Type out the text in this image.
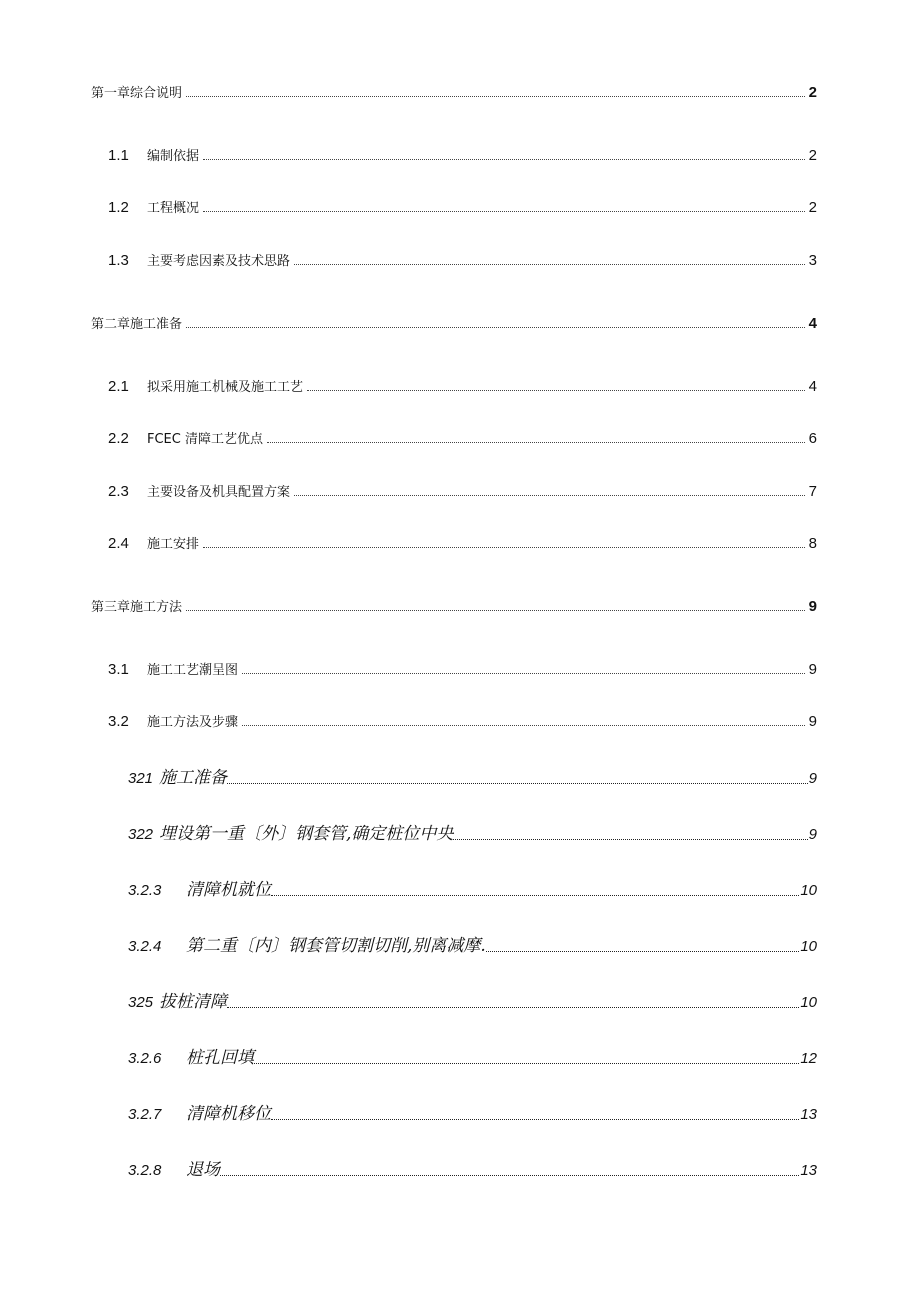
第一章综合说明	2
1.1	编制依据	2
1.2	工程概况	2
1.3	主要考虑因素及技术思路	3
第二章施工准备	4
2.1	拟采用施工机械及施工工艺	4
2.2	FCEC 清障工艺优点	6
2.3	主要设备及机具配置方案	7
2.4	施工安排	8
第三章施工方法	9
3.1	施工工艺潮呈图	9
3.2	施工方法及步骤	9
321 施工准备	9
322 埋设第一重〔外〕钢套管,确定桩位中央	9
3.2.3	清障机就位	10
3.2.4	第二重〔内〕钢套管切割切削,别离减摩.	10
325 拔桩清障	10
3.2.6	桩孔回填	12
3.2.7	清障机移位	13
3.2.8	退场	13
